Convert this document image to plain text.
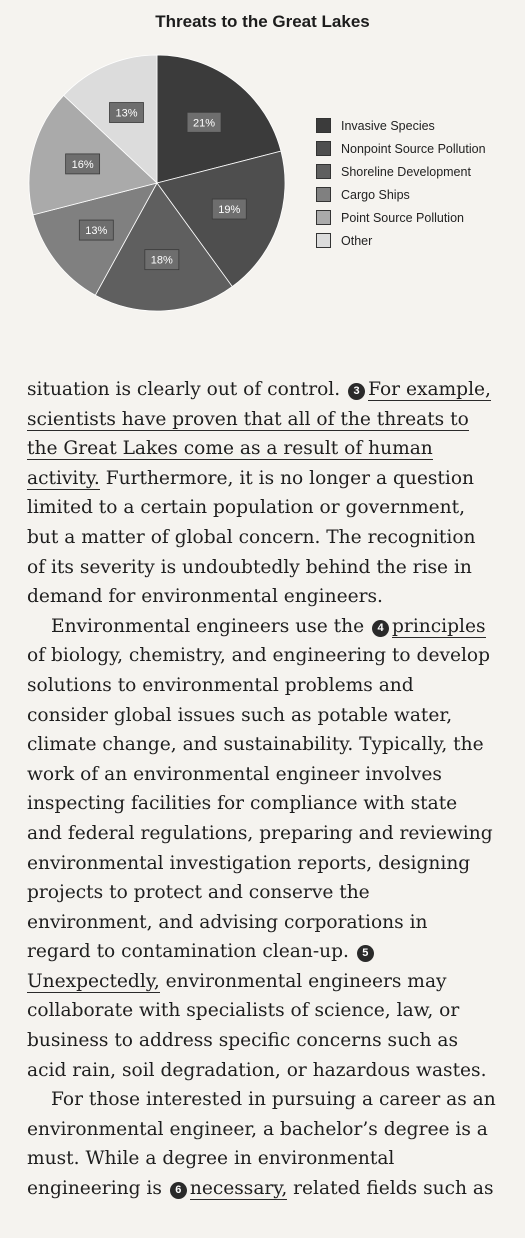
Threats to the Great Lakes
21%
19%
18%
13%
16%
13%
Invasive Species
Nonpoint Source Pollution
Shoreline Development
Cargo Ships
Point Source Pollution
Other

situation is clearly out of control. 3 For example, scientists have proven that all of the threats to the Great Lakes come as a result of human activity. Furthermore, it is no longer a question limited to a certain population or government, but a matter of global concern. The recognition of its severity is undoubtedly behind the rise in demand for environmental engineers.

Environmental engineers use the 4 principles of biology, chemistry, and engineering to develop solutions to environmental problems and consider global issues such as potable water, climate change, and sustainability. Typically, the work of an environmental engineer involves inspecting facilities for compliance with state and federal regulations, preparing and reviewing environmental investigation reports, designing projects to protect and conserve the environment, and advising corporations in regard to contamination clean-up. 5Unexpectedly, environmental engineers may collaborate with specialists of science, law, or business to address specific concerns such as acid rain, soil degradation, or hazardous wastes.

For those interested in pursuing a career as an environmental engineer, a bachelor’s degree is a must. While a degree in environmental engineering is 6 necessary, related fields such as
